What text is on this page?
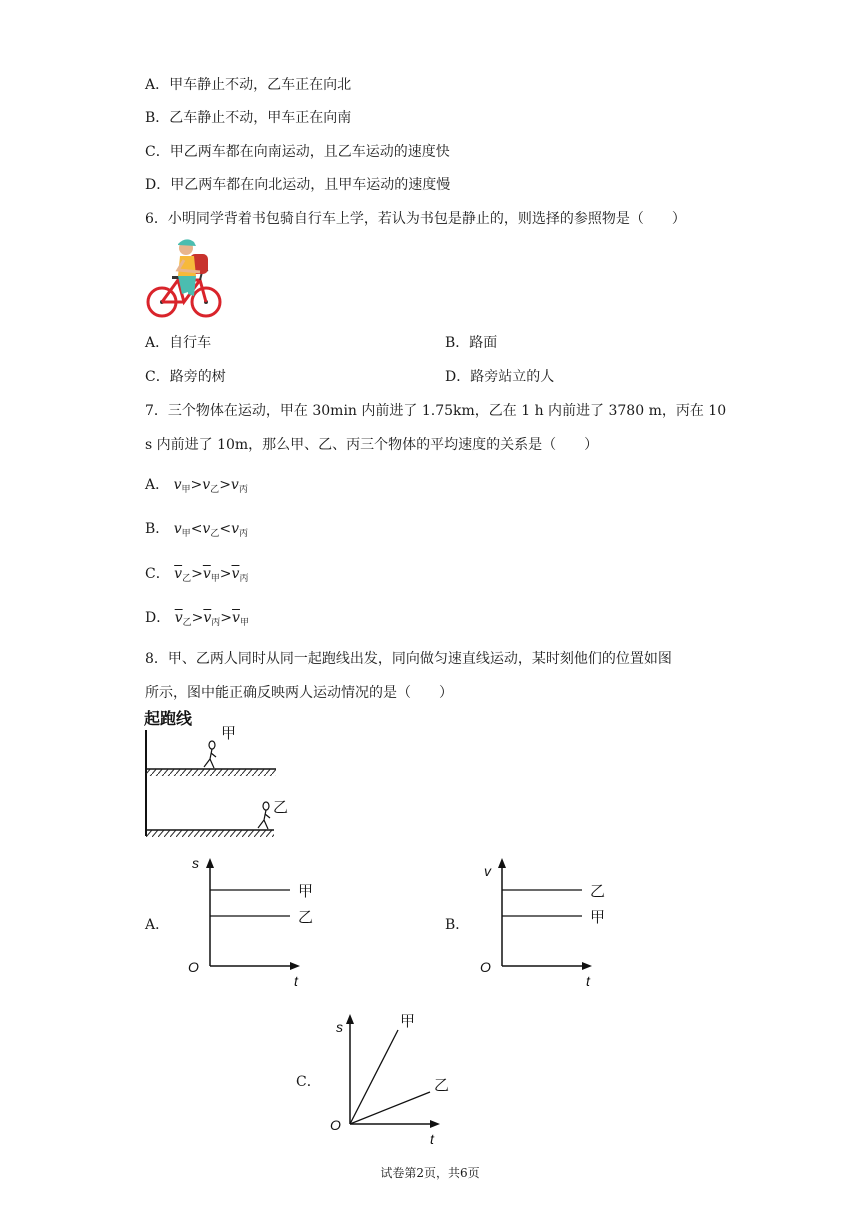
A．甲车静止不动，乙车正在向北
B．乙车静止不动，甲车正在向南
C．甲乙两车都在向南运动，且乙车运动的速度快
D．甲乙两车都在向北运动，且甲车运动的速度慢
6．小明同学背着书包骑自行车上学，若认为书包是静止的，则选择的参照物是（　　）
A．自行车	B．路面
C．路旁的树	D．路旁站立的人
7．三个物体在运动，甲在 30min 内前进了 1.75km，乙在 1 h 内前进了 3780 m，丙在 10
s 内前进了 10m，那么甲、乙、丙三个物体的平均速度的关系是（　　）
A． $v_甲>v_乙>v_丙$
B． $v_甲<v_乙<v_丙$
C． $\overline{v}_乙>\overline{v}_甲>\overline{v}_丙$
D． $\overline{v}_乙>\overline{v}_丙>\overline{v}_甲$
8．甲、乙两人同时从同一起跑线出发，同向做匀速直线运动，某时刻他们的位置如图
所示，图中能正确反映两人运动情况的是（　　）
起跑线
甲
乙
A．
s
t
O
甲
乙	B．
v
t
O
乙
甲
C．
s
t
O
甲
乙
试卷第2页，共6页
